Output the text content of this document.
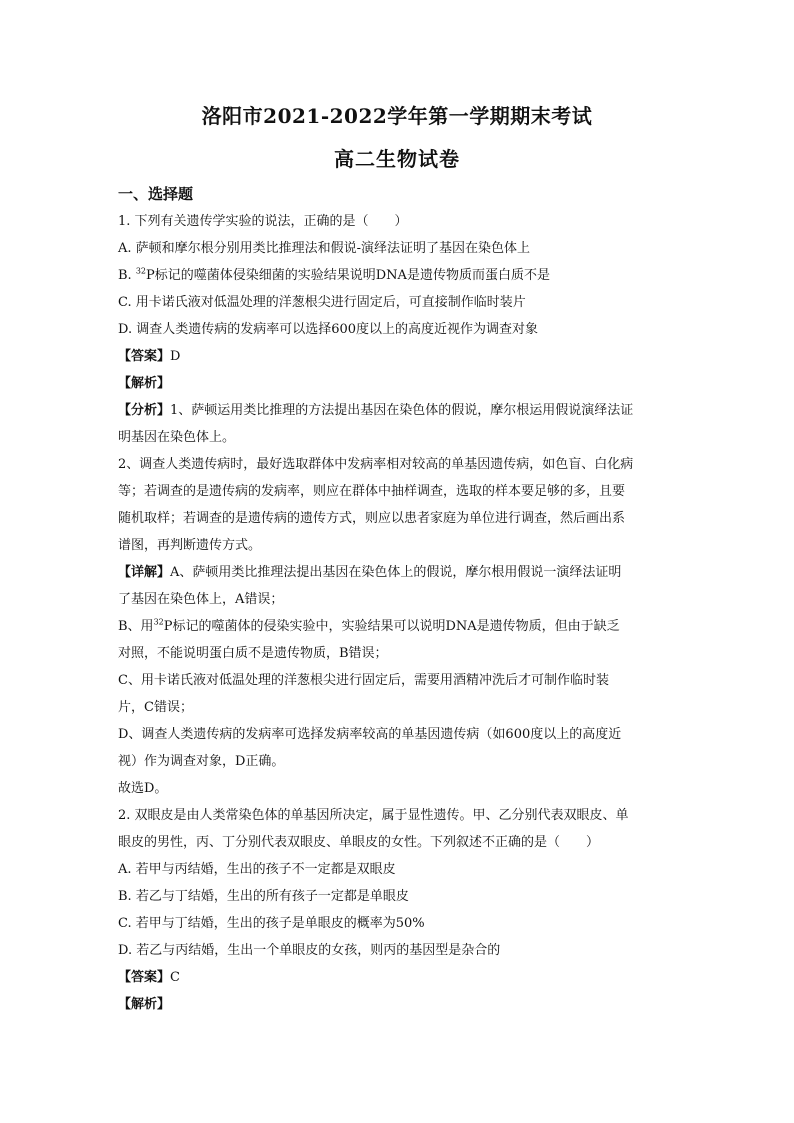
洛阳市2021-2022学年第一学期期末考试
高二生物试卷
一、选择题
1. 下列有关遗传学实验的说法，正确的是（　　）
A. 萨顿和摩尔根分别用类比推理法和假说-演绎法证明了基因在染色体上
B. $^{32}$P标记的噬菌体侵染细菌的实验结果说明DNA是遗传物质而蛋白质不是
C. 用卡诺氏液对低温处理的洋葱根尖进行固定后，可直接制作临时装片
D. 调查人类遗传病的发病率可以选择600度以上的高度近视作为调查对象
【答案】D
【解析】
【分析】1、萨顿运用类比推理的方法提出基因在染色体的假说，摩尔根运用假说演绎法证
明基因在染色体上。
2、调查人类遗传病时，最好选取群体中发病率相对较高的单基因遗传病，如色盲、白化病
等；若调查的是遗传病的发病率，则应在群体中抽样调查，选取的样本要足够的多，且要
随机取样；若调查的是遗传病的遗传方式，则应以患者家庭为单位进行调查，然后画出系
谱图，再判断遗传方式。
【详解】A、萨顿用类比推理法提出基因在染色体上的假说，摩尔根用假说一演绎法证明
了基因在染色体上，A错误；
B、用$^{32}$P标记的噬菌体的侵染实验中，实验结果可以说明DNA是遗传物质，但由于缺乏
对照，不能说明蛋白质不是遗传物质，B错误；
C、用卡诺氏液对低温处理的洋葱根尖进行固定后，需要用酒精冲洗后才可制作临时装
片，C错误；
D、调查人类遗传病的发病率可选择发病率较高的单基因遗传病（如600度以上的高度近
视）作为调查对象，D正确。
故选D。
2. 双眼皮是由人类常染色体的单基因所决定，属于显性遗传。甲、乙分别代表双眼皮、单
眼皮的男性，丙、丁分别代表双眼皮、单眼皮的女性。下列叙述不正确的是（　　）
A. 若甲与丙结婚，生出的孩子不一定都是双眼皮
B. 若乙与丁结婚，生出的所有孩子一定都是单眼皮
C. 若甲与丁结婚，生出的孩子是单眼皮的概率为50%
D. 若乙与丙结婚，生出一个单眼皮的女孩，则丙的基因型是杂合的
【答案】C
【解析】
